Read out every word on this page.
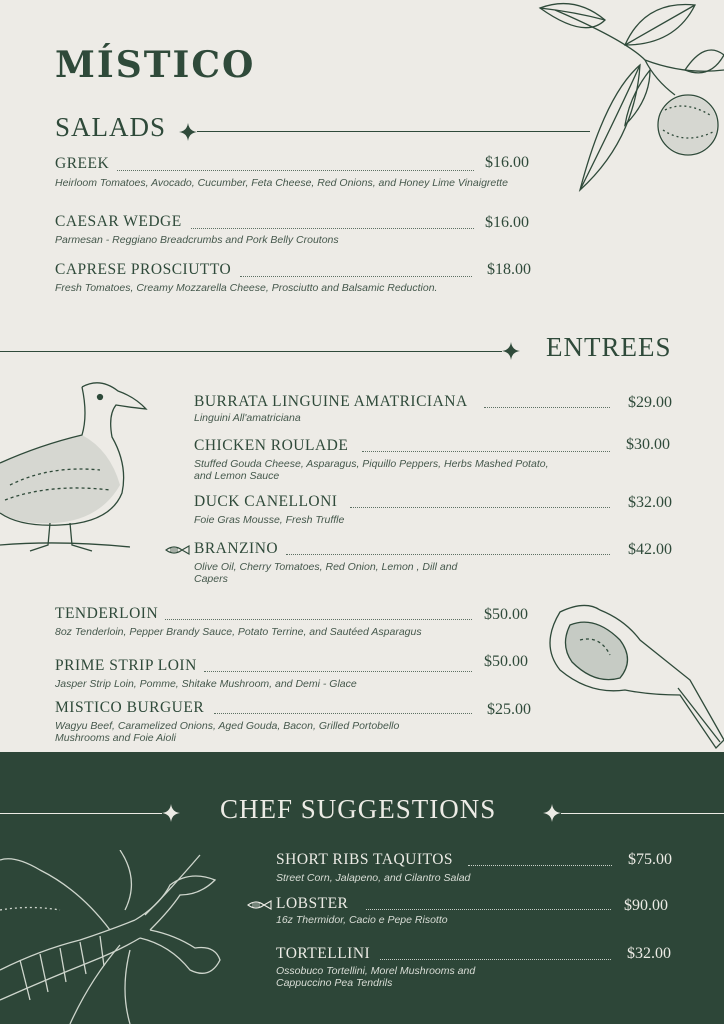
MÍSTICO
SALADS
GREEK	$16.00
Heirloom Tomatoes, Avocado, Cucumber, Feta Cheese, Red Onions, and Honey Lime Vinaigrette
CAESAR WEDGE	$16.00
Parmesan - Reggiano Breadcrumbs and Pork Belly Croutons
CAPRESE PROSCIUTTO	$18.00
Fresh Tomatoes, Creamy Mozzarella Cheese, Prosciutto and Balsamic Reduction.
ENTREES
BURRATA LINGUINE AMATRICIANA	$29.00
Linguini All'amatriciana
CHICKEN ROULADE	$30.00
Stuffed Gouda Cheese, Asparagus, Piquillo Peppers, Herbs Mashed Potato, and Lemon Sauce
DUCK CANELLONI	$32.00
Foie Gras Mousse, Fresh Truffle
BRANZINO	$42.00
Olive Oil, Cherry Tomatoes, Red Onion, Lemon , Dill and Capers
TENDERLOIN	$50.00
8oz Tenderloin, Pepper Brandy Sauce, Potato Terrine, and Sautéed Asparagus
PRIME STRIP LOIN	$50.00
Jasper Strip Loin, Pomme, Shitake Mushroom, and Demi - Glace
MISTICO BURGUER	$25.00
Wagyu Beef, Caramelized Onions, Aged Gouda, Bacon, Grilled Portobello Mushrooms and Foie Aioli
CHEF SUGGESTIONS
SHORT RIBS TAQUITOS	$75.00
Street Corn, Jalapeno, and Cilantro Salad
LOBSTER	$90.00
16z Thermidor, Cacio e Pepe Risotto
TORTELLINI	$32.00
Ossobuco Tortellini, Morel Mushrooms and Cappuccino Pea Tendrils
